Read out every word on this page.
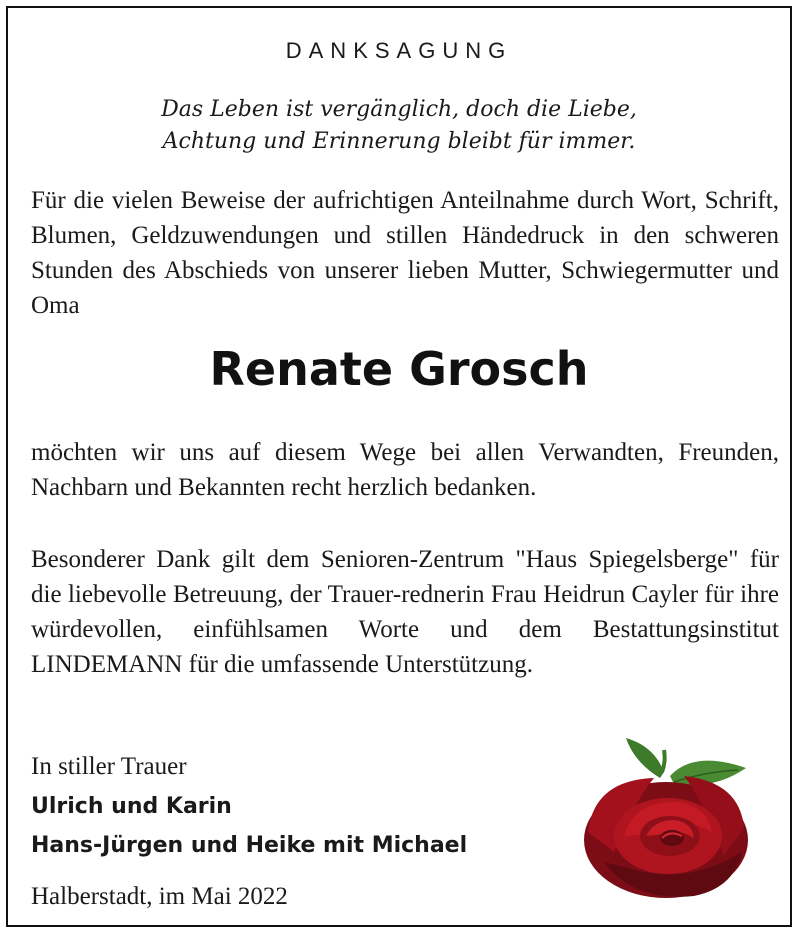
DANKSAGUNG
Das Leben ist vergänglich, doch die Liebe,
Achtung und Erinnerung bleibt für immer.
Für die vielen Beweise der aufrichtigen Anteilnahme durch Wort, Schrift, Blumen, Geldzuwendungen und stillen Händedruck in den schweren Stunden des Abschieds von unserer lieben Mutter, Schwiegermutter und Oma
Renate Grosch
möchten wir uns auf diesem Wege bei allen Verwandten, Freunden, Nachbarn und Bekannten recht herzlich bedanken.
Besonderer Dank gilt dem Senioren-Zentrum "Haus Spiegelsberge" für die liebevolle Betreuung, der Trauer-rednerin Frau Heidrun Cayler für ihre würdevollen, einfühlsamen Worte und dem Bestattungsinstitut LINDEMANN für die umfassende Unterstützung.
In stiller Trauer
Ulrich und Karin
Hans-Jürgen und Heike mit Michael
Halberstadt, im Mai 2022
